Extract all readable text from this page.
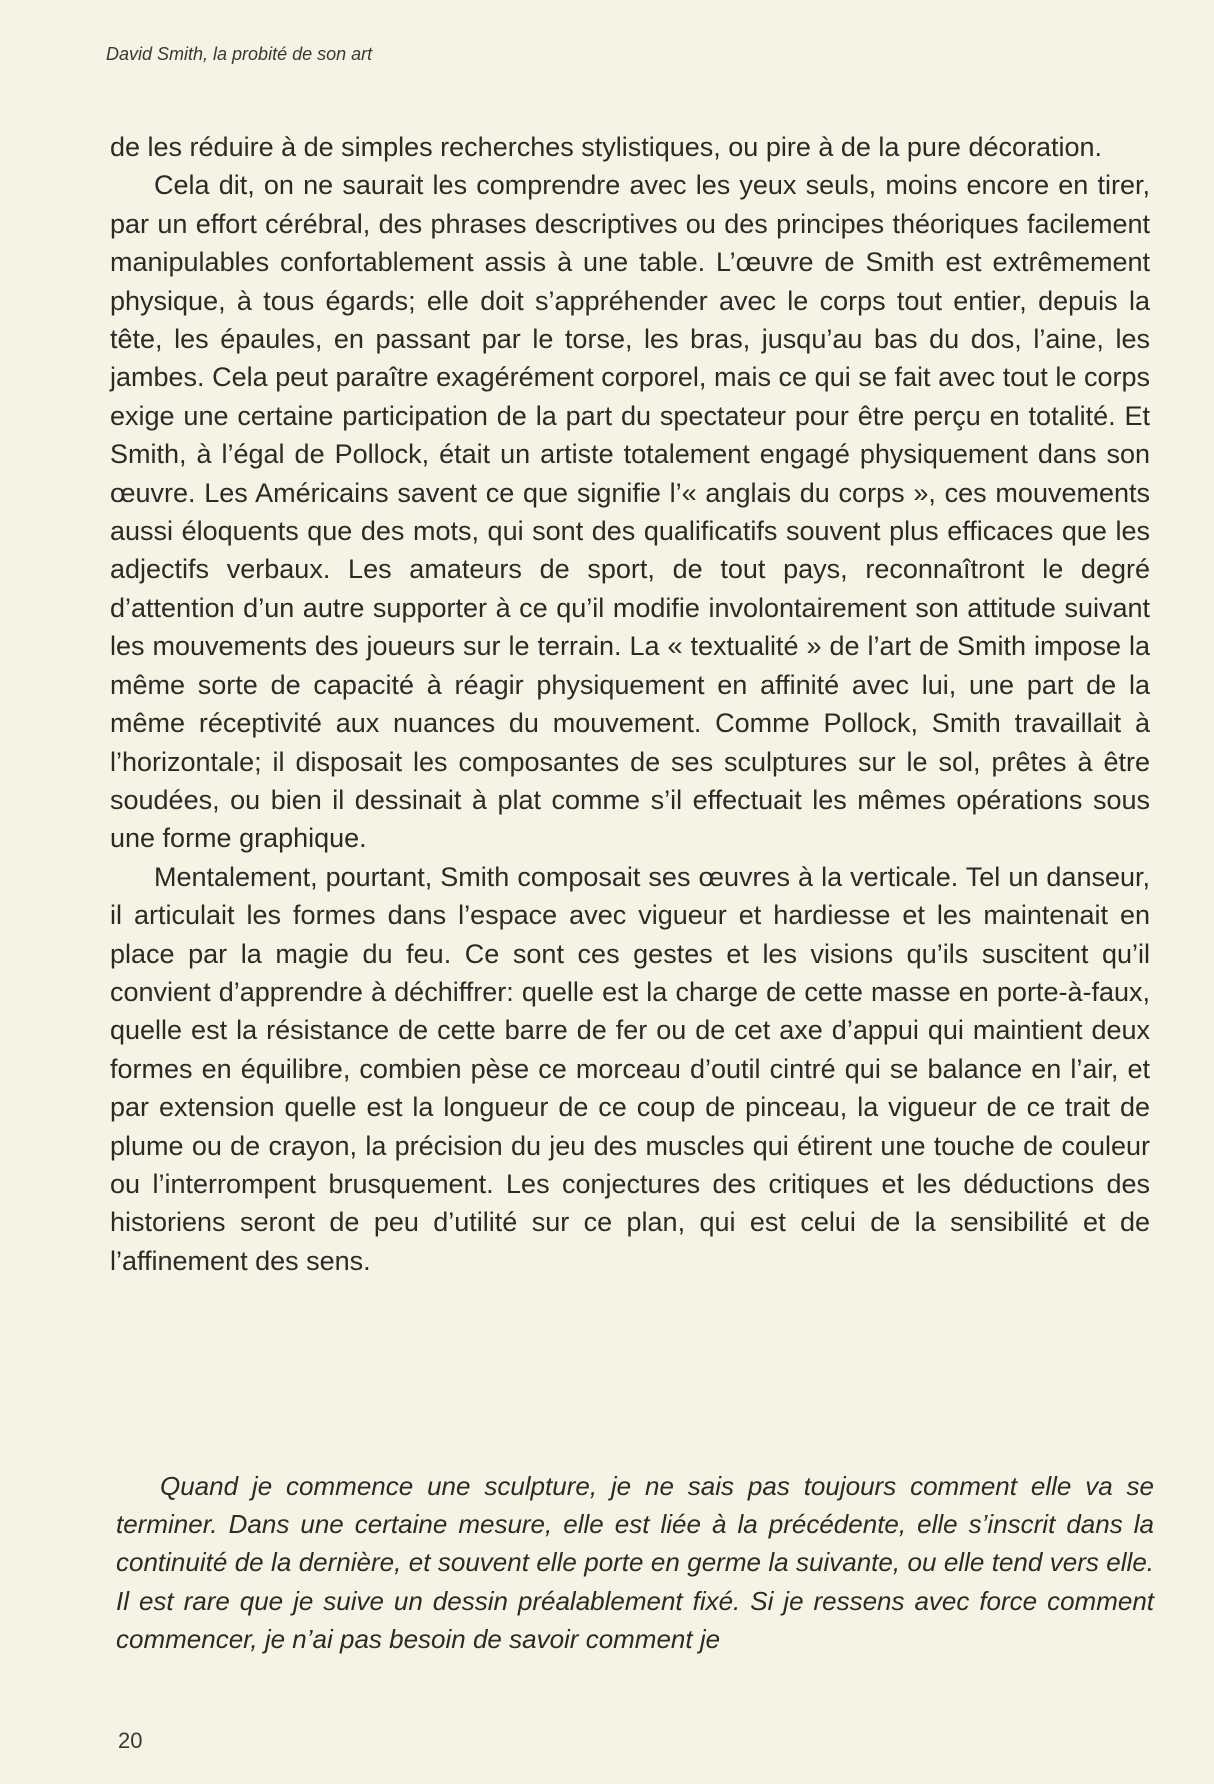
David Smith, la probité de son art

de les réduire à de simples recherches stylistiques, ou pire à de la pure décoration.

Cela dit, on ne saurait les comprendre avec les yeux seuls, moins encore en tirer, par un effort cérébral, des phrases descriptives ou des principes théoriques facilement manipulables confortablement assis à une table. L’œuvre de Smith est extrêmement physique, à tous égards; elle doit s’appréhender avec le corps tout entier, depuis la tête, les épaules, en passant par le torse, les bras, jusqu’au bas du dos, l’aine, les jambes. Cela peut paraître exagérément corporel, mais ce qui se fait avec tout le corps exige une certaine participation de la part du spectateur pour être perçu en totalité. Et Smith, à l’égal de Pollock, était un artiste totalement engagé physiquement dans son œuvre. Les Américains savent ce que signifie l’« anglais du corps », ces mouvements aussi éloquents que des mots, qui sont des qualificatifs souvent plus efficaces que les adjectifs verbaux. Les amateurs de sport, de tout pays, reconnaîtront le degré d’attention d’un autre supporter à ce qu’il modifie involontairement son attitude suivant les mouvements des joueurs sur le terrain. La « textualité » de l’art de Smith impose la même sorte de capacité à réagir physiquement en affinité avec lui, une part de la même réceptivité aux nuances du mouvement. Comme Pollock, Smith travaillait à l’horizontale; il disposait les composantes de ses sculptures sur le sol, prêtes à être soudées, ou bien il dessinait à plat comme s’il effectuait les mêmes opérations sous une forme graphique.

Mentalement, pourtant, Smith composait ses œuvres à la verticale. Tel un danseur, il articulait les formes dans l’espace avec vigueur et hardiesse et les maintenait en place par la magie du feu. Ce sont ces gestes et les visions qu’ils suscitent qu’il convient d’apprendre à déchiffrer: quelle est la charge de cette masse en porte-à-faux, quelle est la résistance de cette barre de fer ou de cet axe d’appui qui maintient deux formes en équilibre, combien pèse ce morceau d’outil cintré qui se balance en l’air, et par extension quelle est la longueur de ce coup de pinceau, la vigueur de ce trait de plume ou de crayon, la précision du jeu des muscles qui étirent une touche de couleur ou l’interrompent brusquement. Les conjectures des critiques et les déductions des historiens seront de peu d’utilité sur ce plan, qui est celui de la sensibilité et de l’affinement des sens.

Quand je commence une sculpture, je ne sais pas toujours comment elle va se terminer. Dans une certaine mesure, elle est liée à la précédente, elle s’inscrit dans la continuité de la dernière, et souvent elle porte en germe la suivante, ou elle tend vers elle. Il est rare que je suive un dessin préalablement fixé. Si je ressens avec force comment commencer, je n’ai pas besoin de savoir comment je

20
